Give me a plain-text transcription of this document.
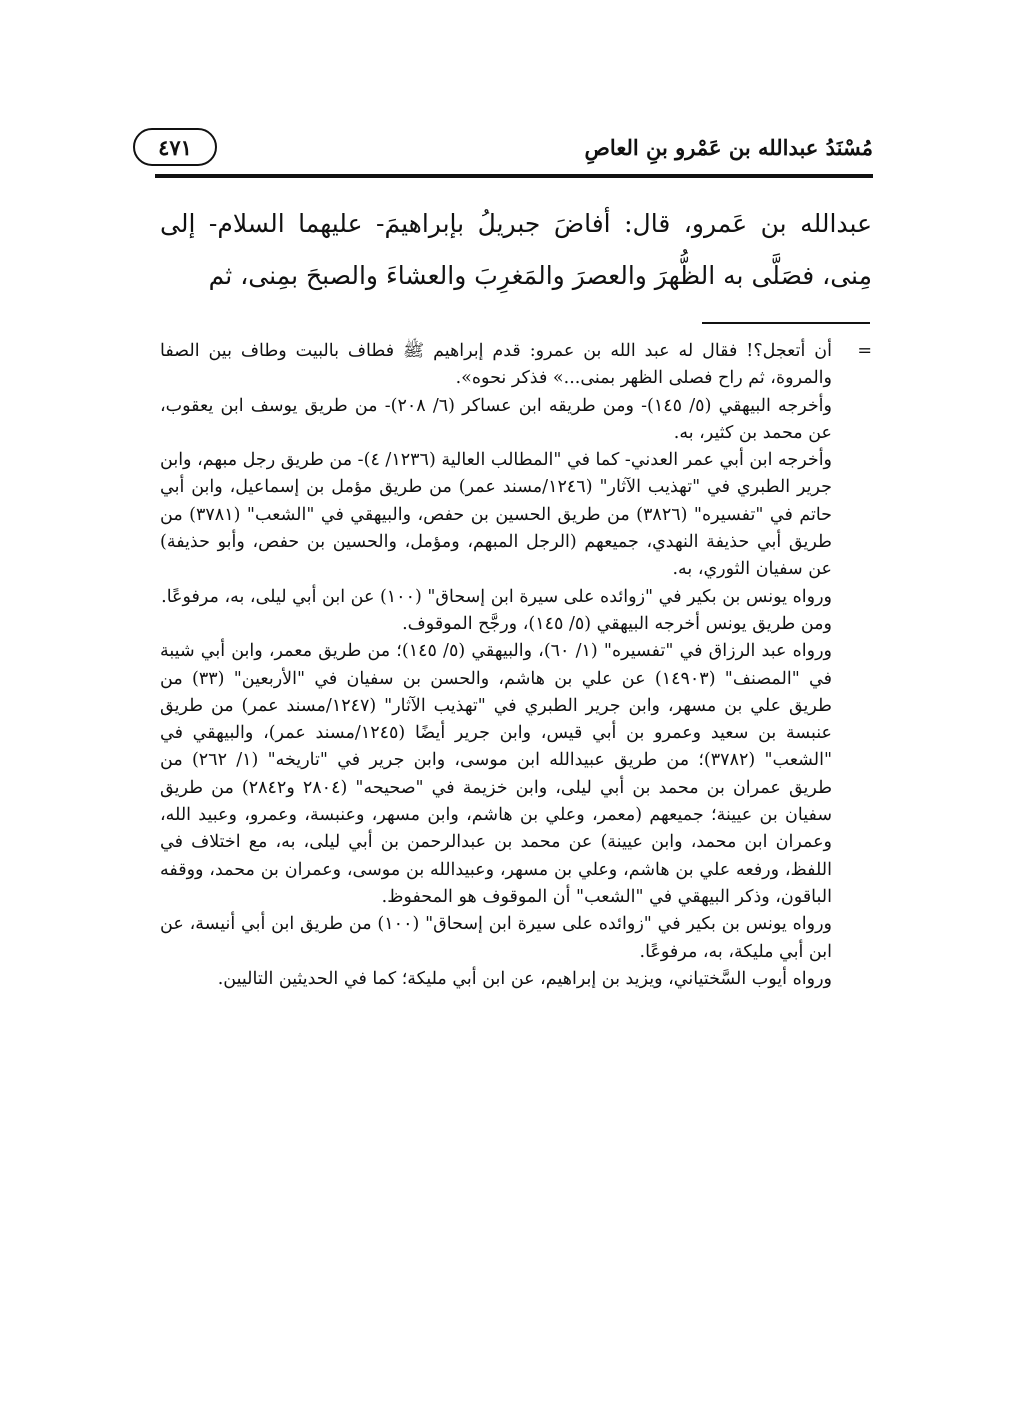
مُسْنَدُ عبدالله بن عَمْرو بنِ العاصِ
٤٧١

عبدالله بن عَمرو، قال: أفاضَ جبريلُ بإبراهيمَ- عليهما السلام- إلى مِنى، فصَلَّى به الظُّهرَ والعصرَ والمَغرِبَ والعشاءَ والصبحَ بمِنى، ثم

=
أن أتعجل؟! فقال له عبد الله بن عمرو: قدم إبراهيم ﷺ فطاف بالبيت وطاف بين الصفا والمروة، ثم راح فصلى الظهر بمنى...» فذكر نحوه».

وأخرجه البيهقي (٥/ ١٤٥)- ومن طريقه ابن عساكر (٦/ ٢٠٨)- من طريق يوسف ابن يعقوب، عن محمد بن كثير، به.

وأخرجه ابن أبي عمر العدني- كما في "المطالب العالية (١٢٣٦/ ٤)- من طريق رجل مبهم، وابن جرير الطبري في "تهذيب الآثار" (١٢٤٦/مسند عمر) من طريق مؤمل بن إسماعيل، وابن أبي حاتم في "تفسيره" (٣٨٢٦) من طريق الحسين بن حفص، والبيهقي في "الشعب" (٣٧٨١) من طريق أبي حذيفة النهدي، جميعهم (الرجل المبهم، ومؤمل، والحسين بن حفص، وأبو حذيفة) عن سفيان الثوري، به.

ورواه يونس بن بكير في "زوائده على سيرة ابن إسحاق" (١٠٠) عن ابن أبي ليلى، به، مرفوعًا.

ومن طريق يونس أخرجه البيهقي (٥/ ١٤٥)، ورجَّح الموقوف.

ورواه عبد الرزاق في "تفسيره" (١/ ٦٠)، والبيهقي (٥/ ١٤٥)؛ من طريق معمر، وابن أبي شيبة في "المصنف" (١٤٩٠٣) عن علي بن هاشم، والحسن بن سفيان في "الأربعين" (٣٣) من طريق علي بن مسهر، وابن جرير الطبري في "تهذيب الآثار" (١٢٤٧/مسند عمر) من طريق عنبسة بن سعيد وعمرو بن أبي قيس، وابن جرير أيضًا (١٢٤٥/مسند عمر)، والبيهقي في "الشعب" (٣٧٨٢)؛ من طريق عبيدالله ابن موسى، وابن جرير في "تاريخه" (١/ ٢٦٢) من طريق عمران بن محمد بن أبي ليلى، وابن خزيمة في "صحيحه" (٢٨٠٤ و٢٨٤٢) من طريق سفيان بن عيينة؛ جميعهم (معمر، وعلي بن هاشم، وابن مسهر، وعنبسة، وعمرو، وعبيد الله، وعمران ابن محمد، وابن عيينة) عن محمد بن عبدالرحمن بن أبي ليلى، به، مع اختلاف في اللفظ، ورفعه علي بن هاشم، وعلي بن مسهر، وعبيدالله بن موسى، وعمران بن محمد، ووقفه الباقون، وذكر البيهقي في "الشعب" أن الموقوف هو المحفوظ.

ورواه يونس بن بكير في "زوائده على سيرة ابن إسحاق" (١٠٠) من طريق ابن أبي أنيسة، عن ابن أبي مليكة، به، مرفوعًا.

ورواه أيوب السَّختياني، ويزيد بن إبراهيم، عن ابن أبي مليكة؛ كما في الحديثين التاليين.
